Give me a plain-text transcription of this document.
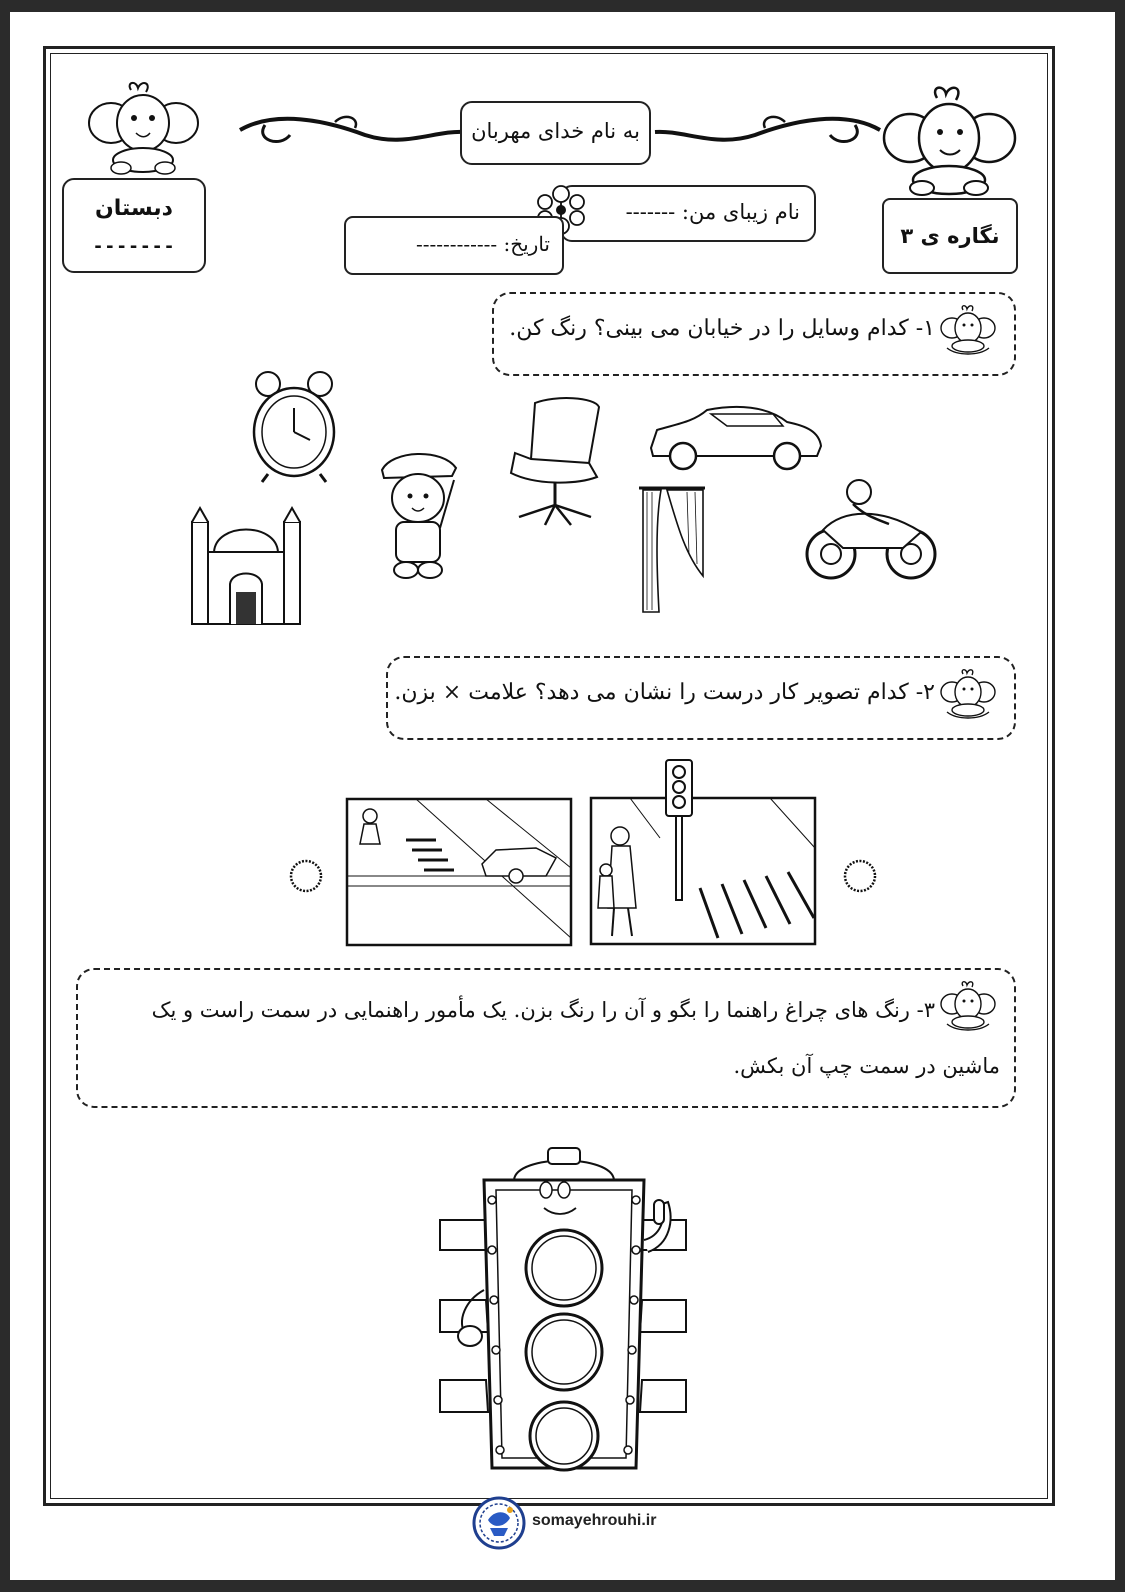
به نام خدای مهربان
دبستان
-------	نگاره ی ۳
نام زیبای من: -------
تاریخ: ------------
۱- کدام وسایل را در خیابان می بینی؟ رنگ کن.
۲- کدام تصویر کار درست را نشان می دهد؟ علامت × بزن.
۳- رنگ های چراغ راهنما را بگو و آن را رنگ بزن. یک مأمور راهنمایی در سمت راست و یک
ماشین در سمت چپ آن بکش.
somayehrouhi.ir
